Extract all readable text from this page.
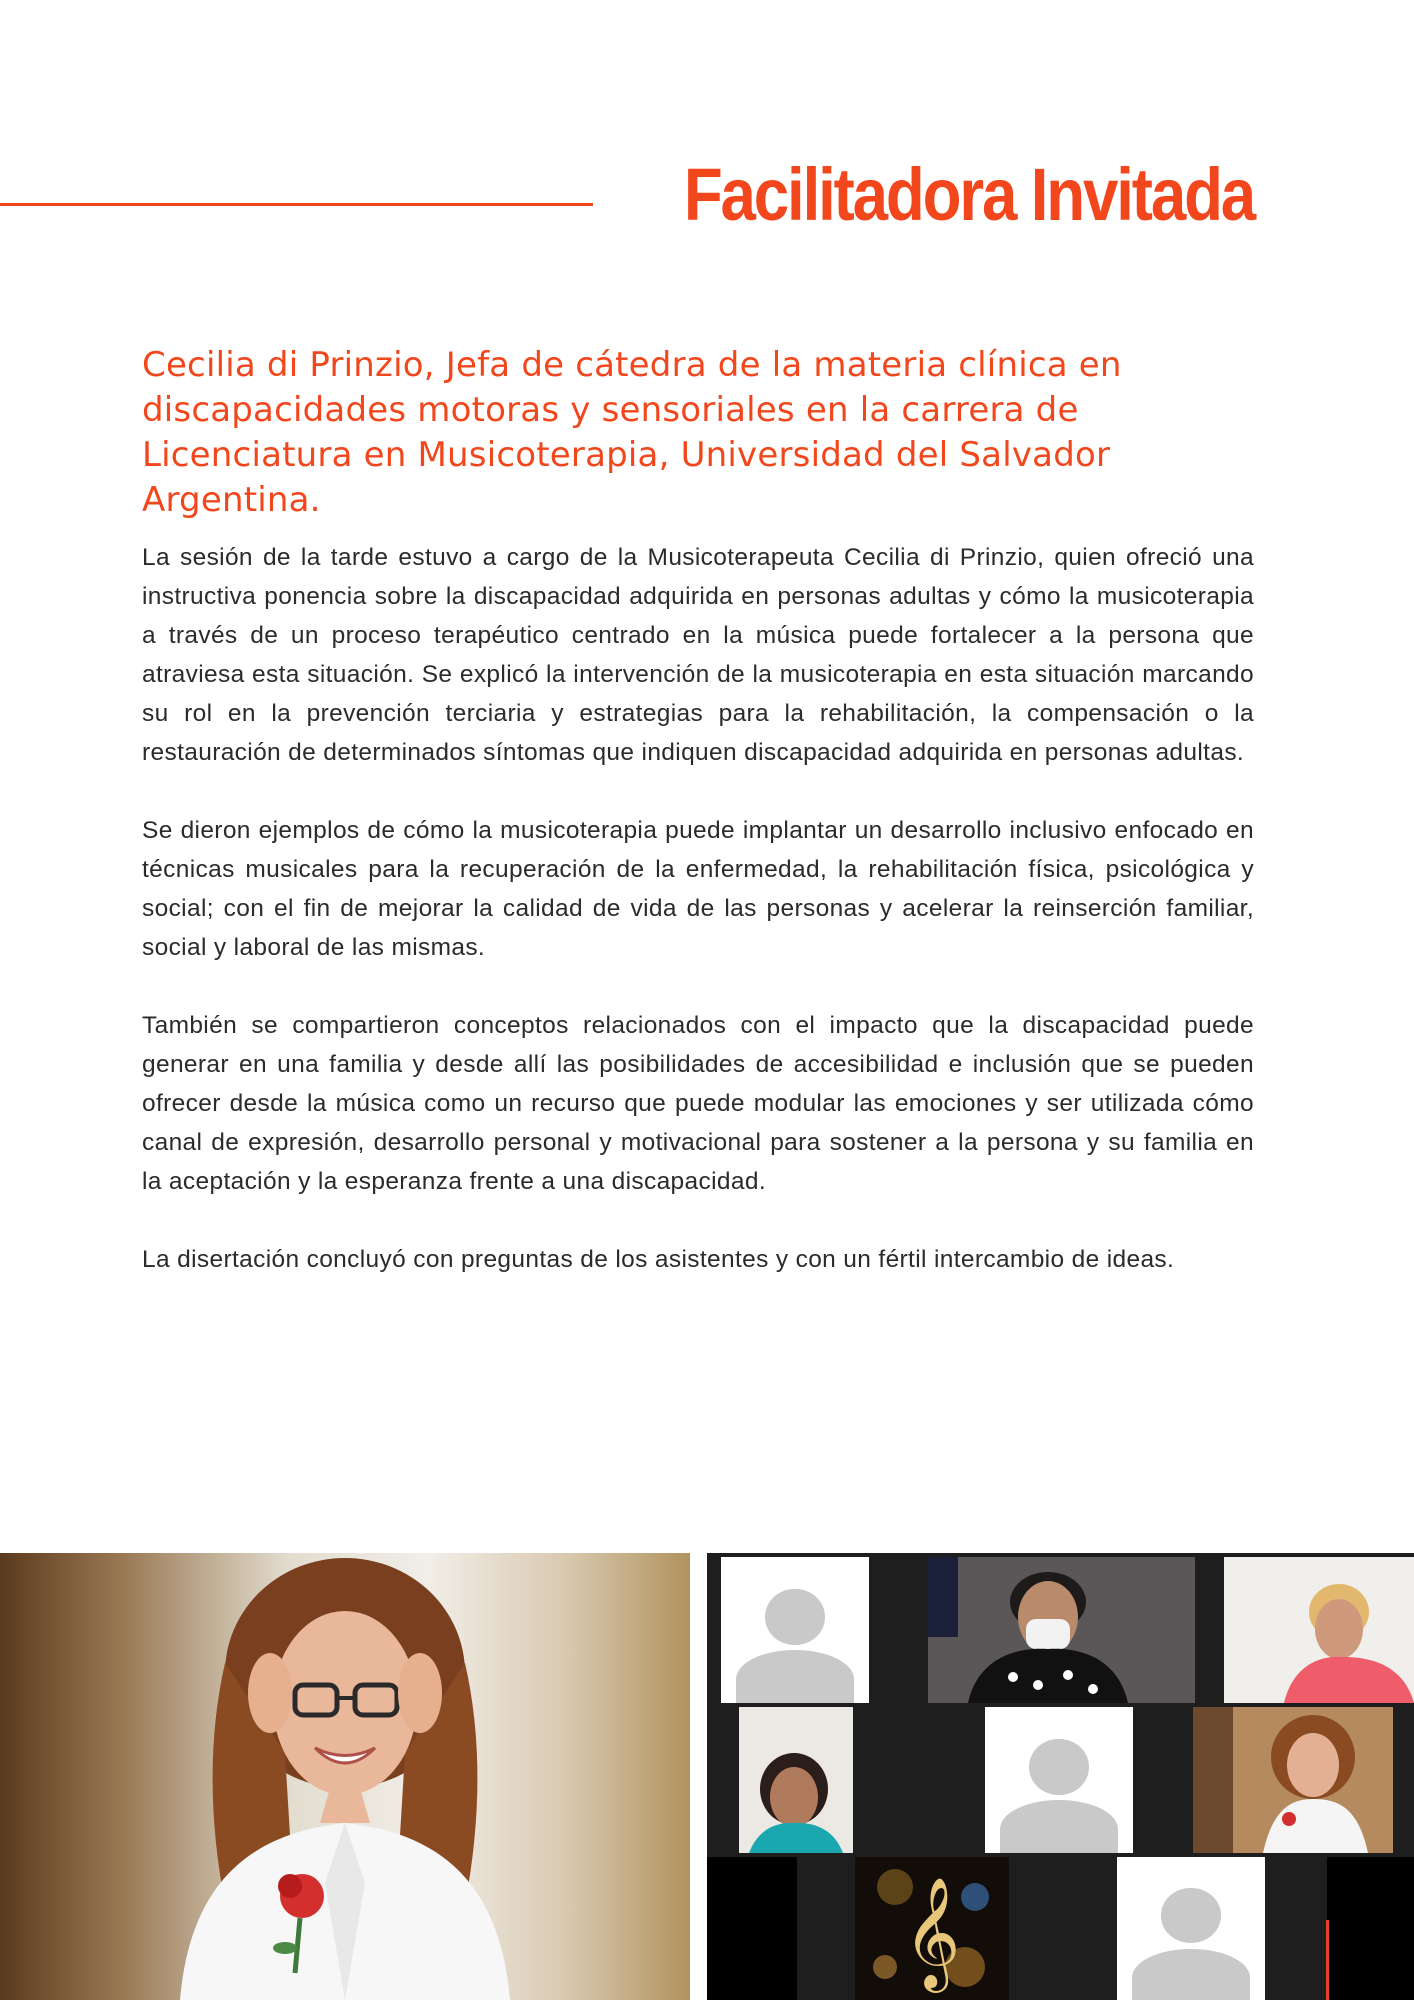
Facilitadora Invitada
Cecilia di Prinzio, Jefa de cátedra de la materia clínica en discapacidades motoras y sensoriales en la carrera de Licenciatura en Musicoterapia, Universidad del Salvador Argentina.

La sesión de la tarde estuvo a cargo de la Musicoterapeuta Cecilia di Prinzio, quien ofreció una instructiva ponencia sobre la discapacidad adquirida en personas adultas y cómo la musicoterapia a través de un proceso terapéutico centrado en la música puede fortalecer a la persona que atraviesa esta situación. Se explicó la intervención de la musicoterapia en esta situación marcando su rol en la prevención terciaria y estrategias para la rehabilitación, la compensación o la restauración de determinados síntomas que indiquen discapacidad adquirida en personas adultas.

Se dieron ejemplos de cómo la musicoterapia puede implantar un desarrollo inclusivo enfocado en técnicas musicales para la recuperación de la enfermedad, la rehabilitación física, psicológica y social; con el fin de mejorar la calidad de vida de las personas y acelerar la reinserción familiar, social y laboral de las mismas.

También se compartieron conceptos relacionados con el impacto que la discapacidad puede generar en una familia y desde allí las posibilidades de accesibilidad e inclusión que se pueden ofrecer desde la música como un recurso que puede modular las emociones y ser utilizada cómo canal de expresión, desarrollo personal y motivacional para sostener a la persona y su familia en la aceptación y la esperanza frente a una discapacidad.

La disertación concluyó con preguntas de los asistentes y con un fértil intercambio de ideas.

𝄞
